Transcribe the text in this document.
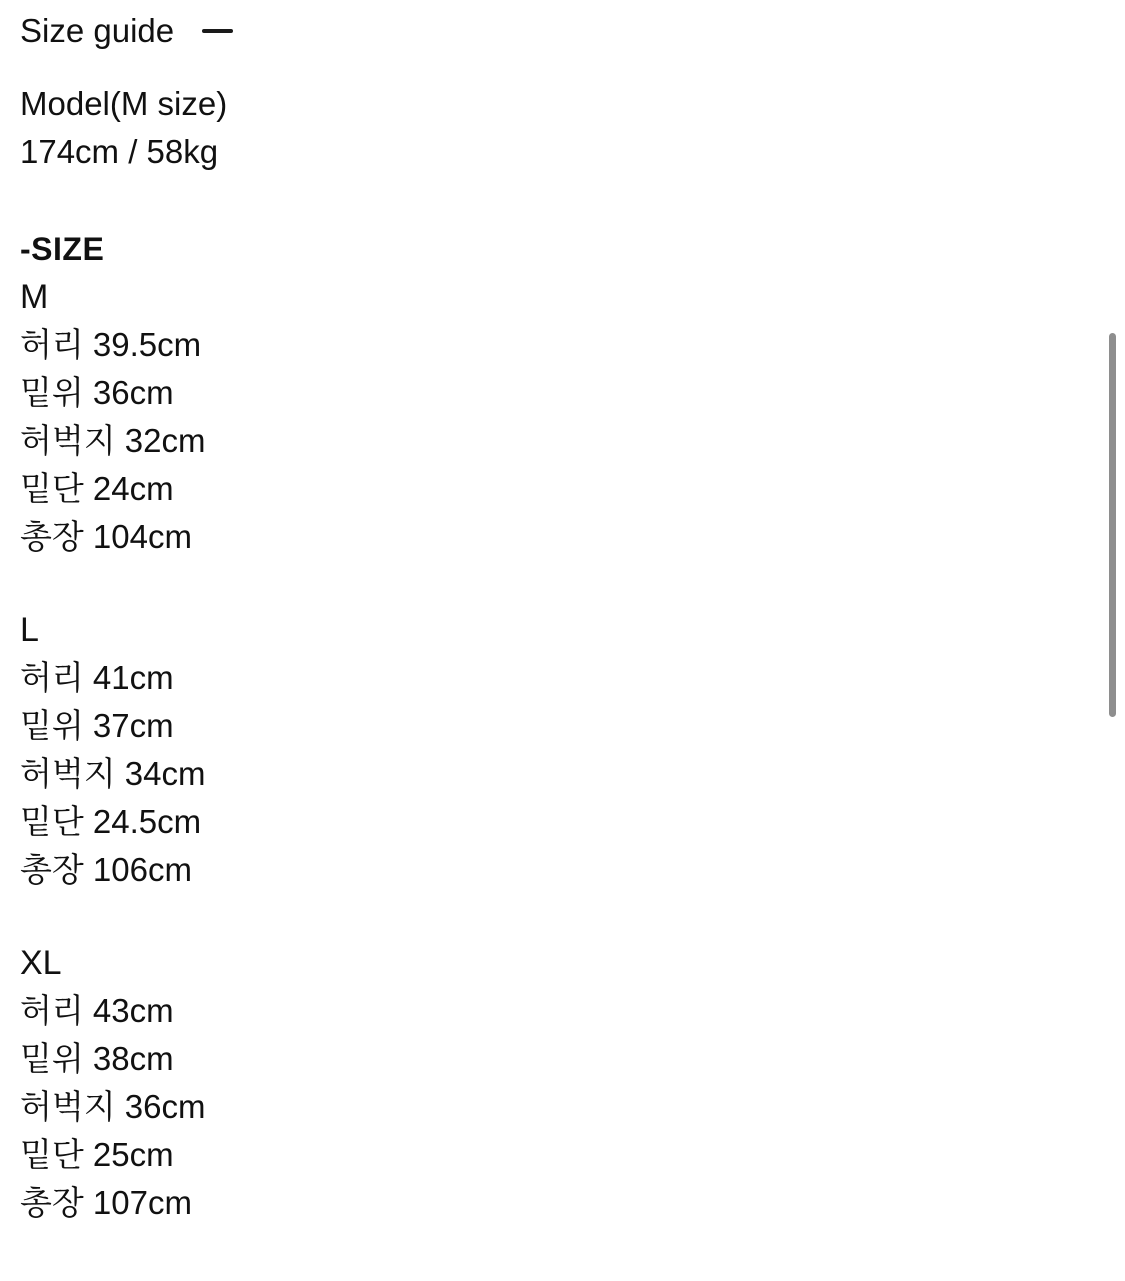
Size guide
Model(M size)
174cm / 58kg
-SIZE
M
허리 39.5cm
밑위 36cm
허벅지 32cm
밑단 24cm
총장 104cm
L
허리 41cm
밑위 37cm
허벅지 34cm
밑단 24.5cm
총장 106cm
XL
허리 43cm
밑위 38cm
허벅지 36cm
밑단 25cm
총장 107cm
